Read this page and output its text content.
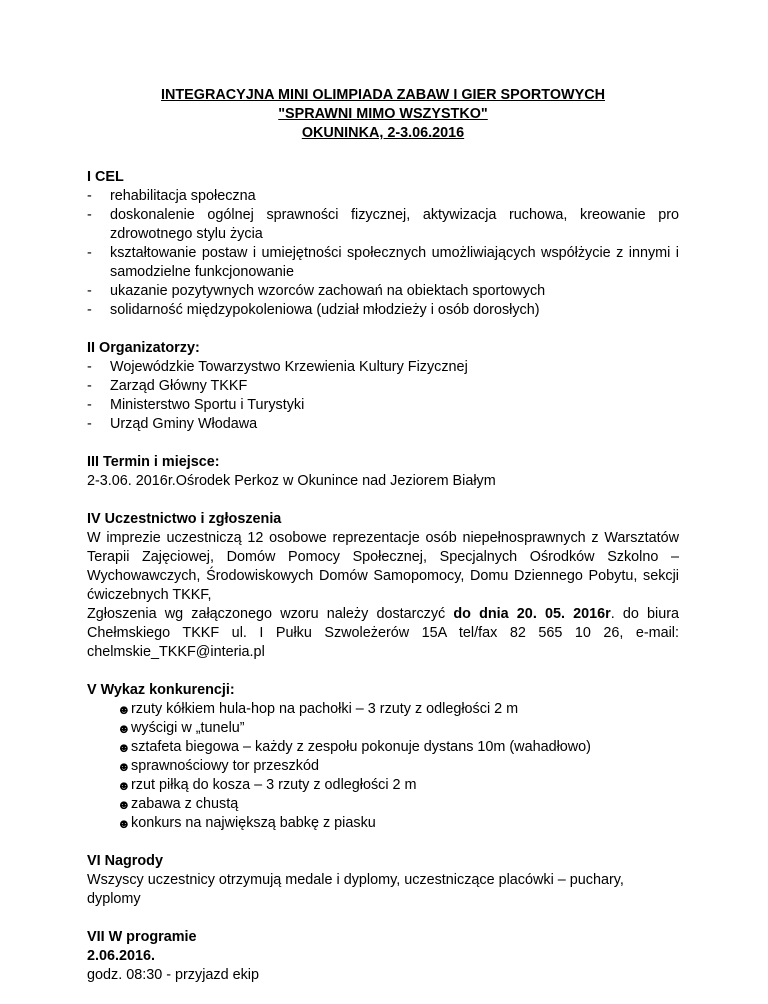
INTEGRACYJNA MINI OLIMPIADA ZABAW I GIER SPORTOWYCH

"SPRAWNI MIMO WSZYSTKO"

OKUNINKA, 2-3.06.2016

I CEL

- rehabilitacja społeczna
- doskonalenie ogólnej sprawności fizycznej, aktywizacja ruchowa, kreowanie pro zdrowotnego stylu życia
- kształtowanie postaw i umiejętności społecznych umożliwiających współżycie z innymi i samodzielne funkcjonowanie
- ukazanie pozytywnych wzorców zachowań na obiektach sportowych
- solidarność międzypokoleniowa (udział młodzieży i osób dorosłych)

II Organizatorzy:

- Wojewódzkie Towarzystwo Krzewienia Kultury Fizycznej
- Zarząd Główny TKKF
- Ministerstwo Sportu i Turystyki
- Urząd Gminy Włodawa

III Termin i miejsce:

2-3.06. 2016r.Ośrodek Perkoz w Okunince nad Jeziorem Białym

IV Uczestnictwo i zgłoszenia

W imprezie uczestniczą 12 osobowe reprezentacje osób niepełnosprawnych z Warsztatów Terapii Zajęciowej, Domów Pomocy Społecznej, Specjalnych Ośrodków Szkolno – Wychowawczych, Środowiskowych Domów Samopomocy, Domu Dziennego Pobytu, sekcji ćwiczebnych TKKF,

Zgłoszenia wg załączonego wzoru należy dostarczyć do dnia 20. 05. 2016r. do biura

Chełmskiego TKKF ul. I Pułku Szwoleżerów 15A tel/fax 82 565 10 26, e-mail:

chelmskie_TKKF@interia.pl

V Wykaz konkurencji:

☻ rzuty kółkiem hula-hop na pachołki – 3 rzuty z odległości 2 m
☻ wyścigi w „tunelu”
☻ sztafeta biegowa – każdy z zespołu pokonuje dystans 10m (wahadłowo)
☻ sprawnościowy tor przeszkód
☻ rzut piłką do kosza – 3 rzuty z odległości 2 m
☻ zabawa z chustą
☻ konkurs na największą babkę z piasku

VI Nagrody

Wszyscy uczestnicy otrzymują medale i dyplomy, uczestniczące placówki – puchary, dyplomy

VII W programie

2.06.2016.

godz. 08:30 - przyjazd ekip
